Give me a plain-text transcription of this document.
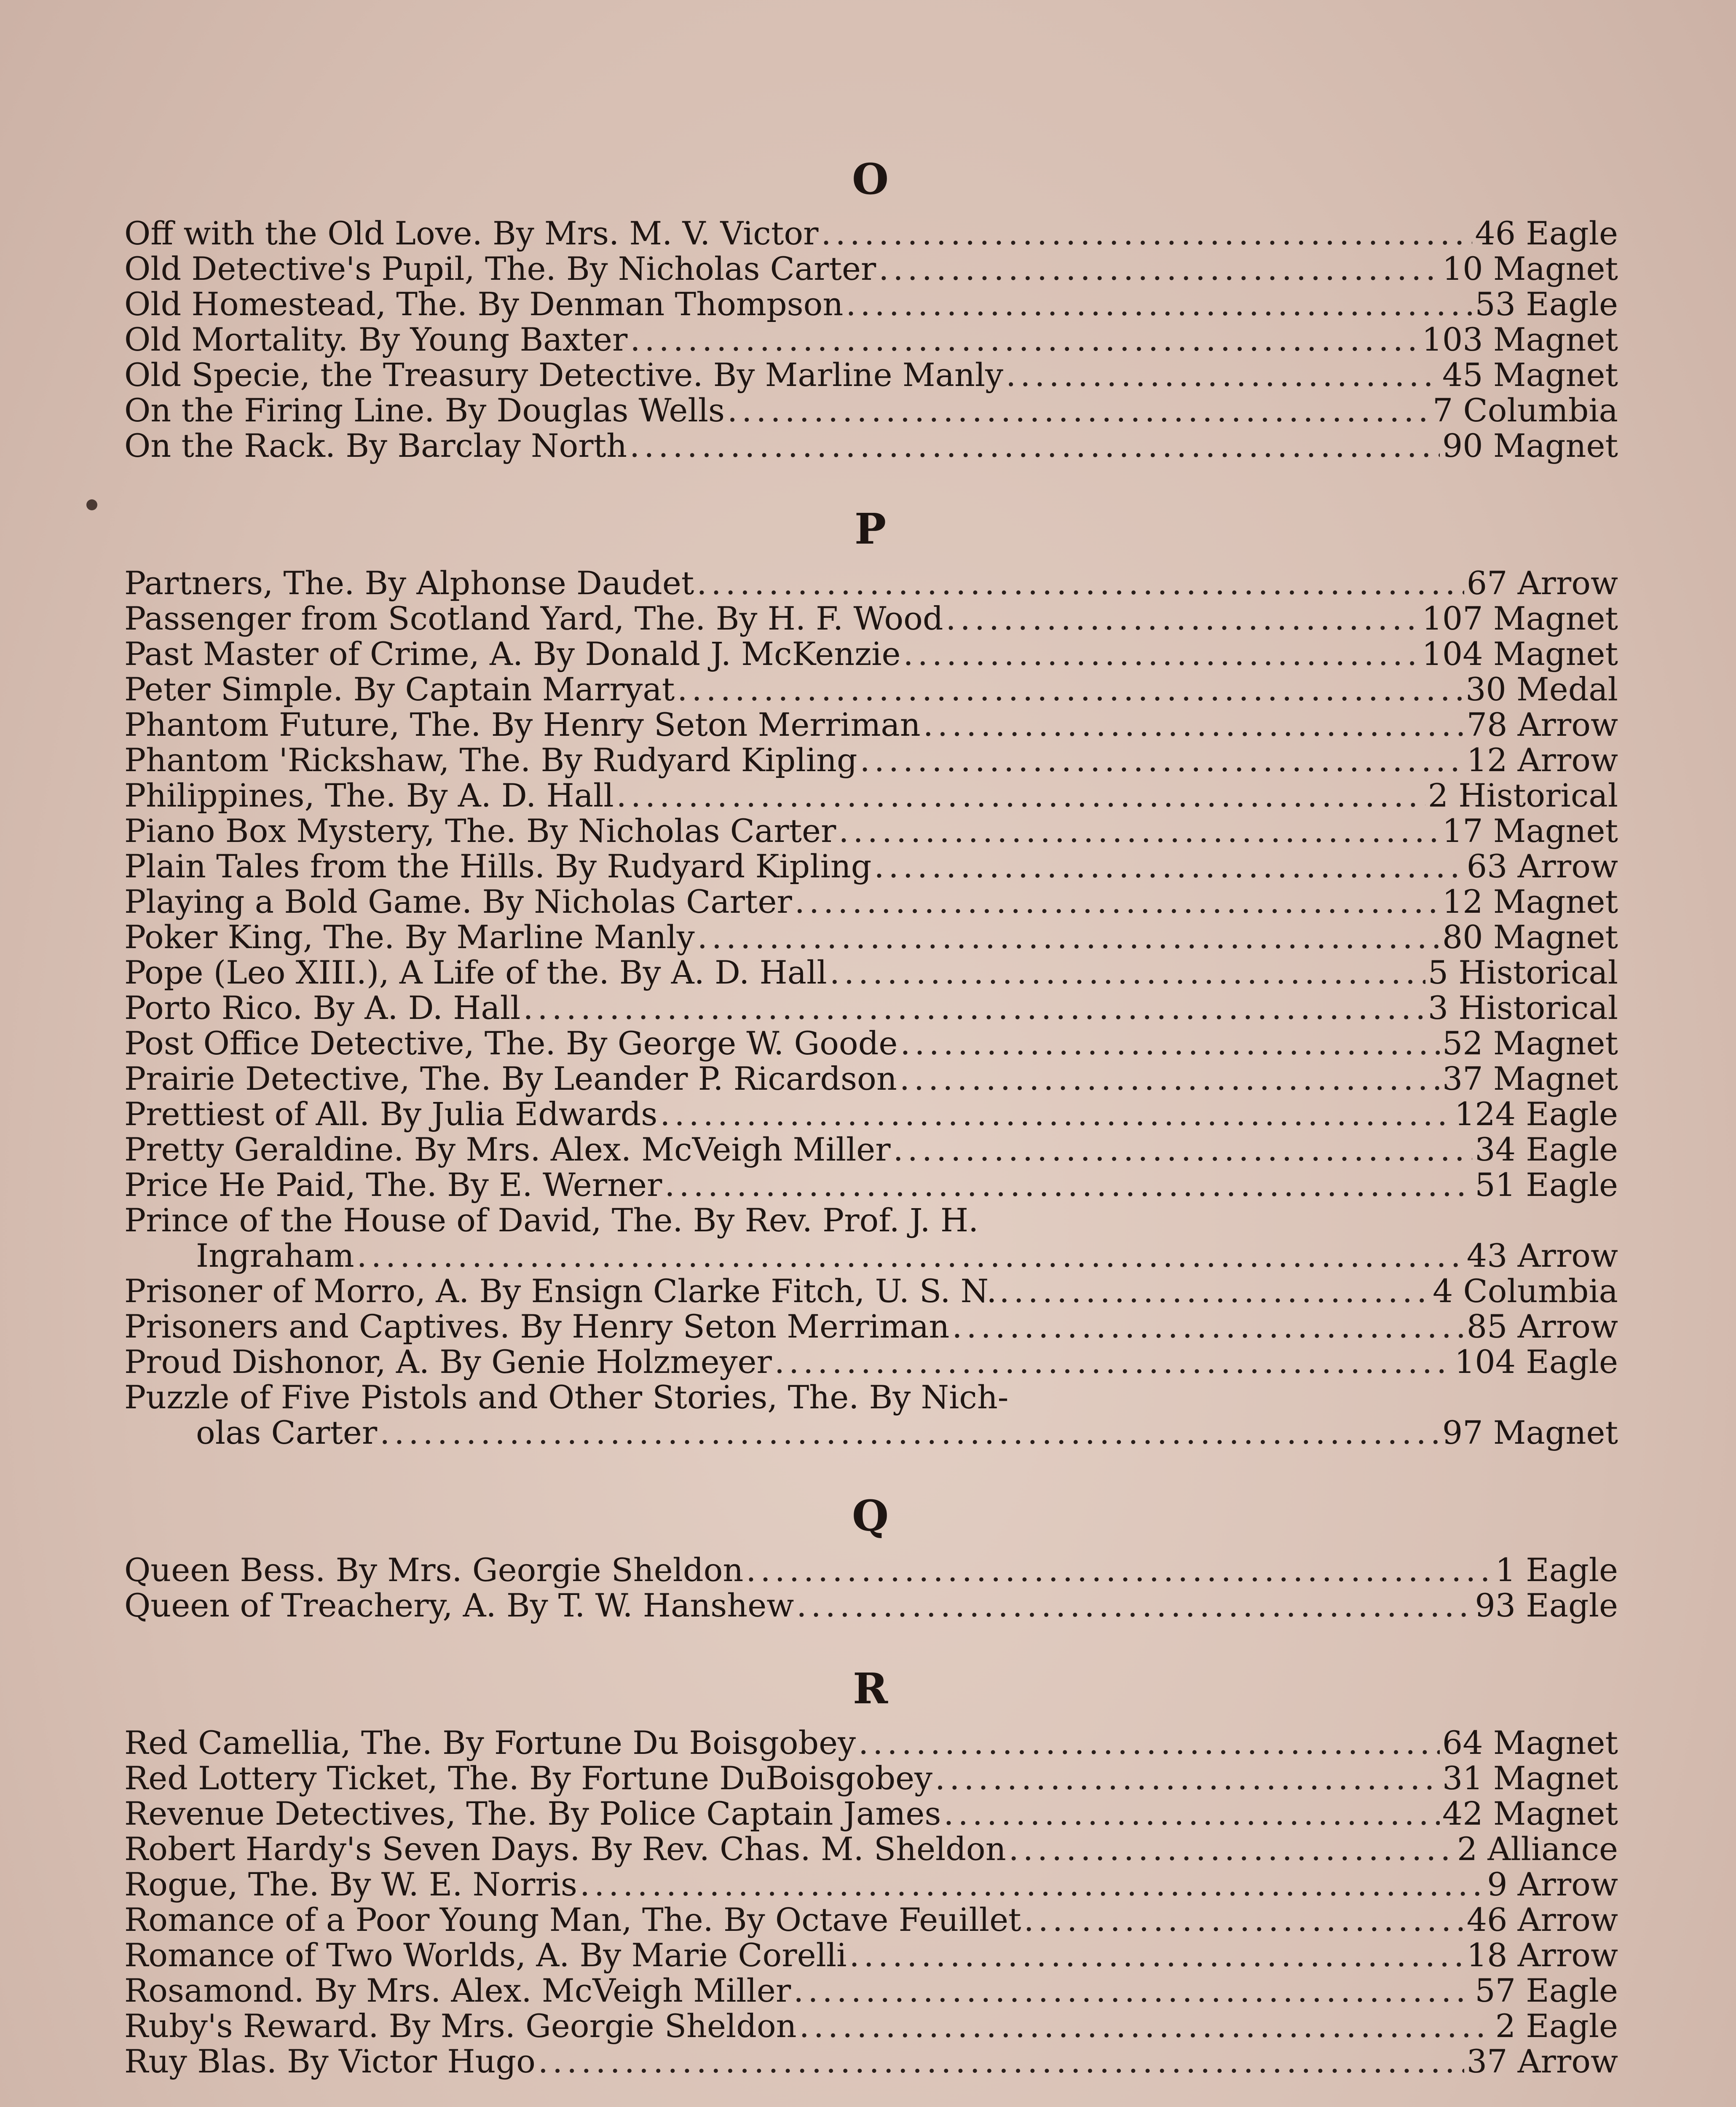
O
Off with the Old Love. By Mrs. M. V. Victor .....	46 Eagle
Old Detective's Pupil, The. By Nicholas Carter .....	10 Magnet
Old Homestead, The. By Denman Thompson .....	53 Eagle
Old Mortality. By Young Baxter .....	103 Magnet
Old Specie, the Treasury Detective. By Marline Manly .....	45 Magnet
On the Firing Line. By Douglas Wells .....	7 Columbia
On the Rack. By Barclay North .....	90 Magnet
P
Partners, The. By Alphonse Daudet .....	67 Arrow
Passenger from Scotland Yard, The. By H. F. Wood .....	107 Magnet
Past Master of Crime, A. By Donald J. McKenzie .....	104 Magnet
Peter Simple. By Captain Marryat .....	30 Medal
Phantom Future, The. By Henry Seton Merriman .....	78 Arrow
Phantom 'Rickshaw, The. By Rudyard Kipling .....	12 Arrow
Philippines, The. By A. D. Hall .....	2 Historical
Piano Box Mystery, The. By Nicholas Carter .....	17 Magnet
Plain Tales from the Hills. By Rudyard Kipling .....	63 Arrow
Playing a Bold Game. By Nicholas Carter .....	12 Magnet
Poker King, The. By Marline Manly .....	80 Magnet
Pope (Leo XIII.), A Life of the. By A. D. Hall .....	5 Historical
Porto Rico. By A. D. Hall .....	3 Historical
Post Office Detective, The. By George W. Goode .....	52 Magnet
Prairie Detective, The. By Leander P. Ricardson .....	37 Magnet
Prettiest of All. By Julia Edwards .....	124 Eagle
Pretty Geraldine. By Mrs. Alex. McVeigh Miller .....	34 Eagle
Price He Paid, The. By E. Werner .....	51 Eagle
Prince of the House of David, The. By Rev. Prof. J. H.
Ingraham .....	43 Arrow
Prisoner of Morro, A. By Ensign Clarke Fitch, U. S. N. .....	4 Columbia
Prisoners and Captives. By Henry Seton Merriman .....	85 Arrow
Proud Dishonor, A. By Genie Holzmeyer .....	104 Eagle
Puzzle of Five Pistols and Other Stories, The. By Nich-
olas Carter .....	97 Magnet
Q
Queen Bess. By Mrs. Georgie Sheldon .....	1 Eagle
Queen of Treachery, A. By T. W. Hanshew .....	93 Eagle
R
Red Camellia, The. By Fortune Du Boisgobey .....	64 Magnet
Red Lottery Ticket, The. By Fortune DuBoisgobey .....	31 Magnet
Revenue Detectives, The. By Police Captain James .....	42 Magnet
Robert Hardy's Seven Days. By Rev. Chas. M. Sheldon .....	2 Alliance
Rogue, The. By W. E. Norris .....	9 Arrow
Romance of a Poor Young Man, The. By Octave Feuillet .....	46 Arrow
Romance of Two Worlds, A. By Marie Corelli .....	18 Arrow
Rosamond. By Mrs. Alex. McVeigh Miller .....	57 Eagle
Ruby's Reward. By Mrs. Georgie Sheldon .....	2 Eagle
Ruy Blas. By Victor Hugo .....	37 Arrow
